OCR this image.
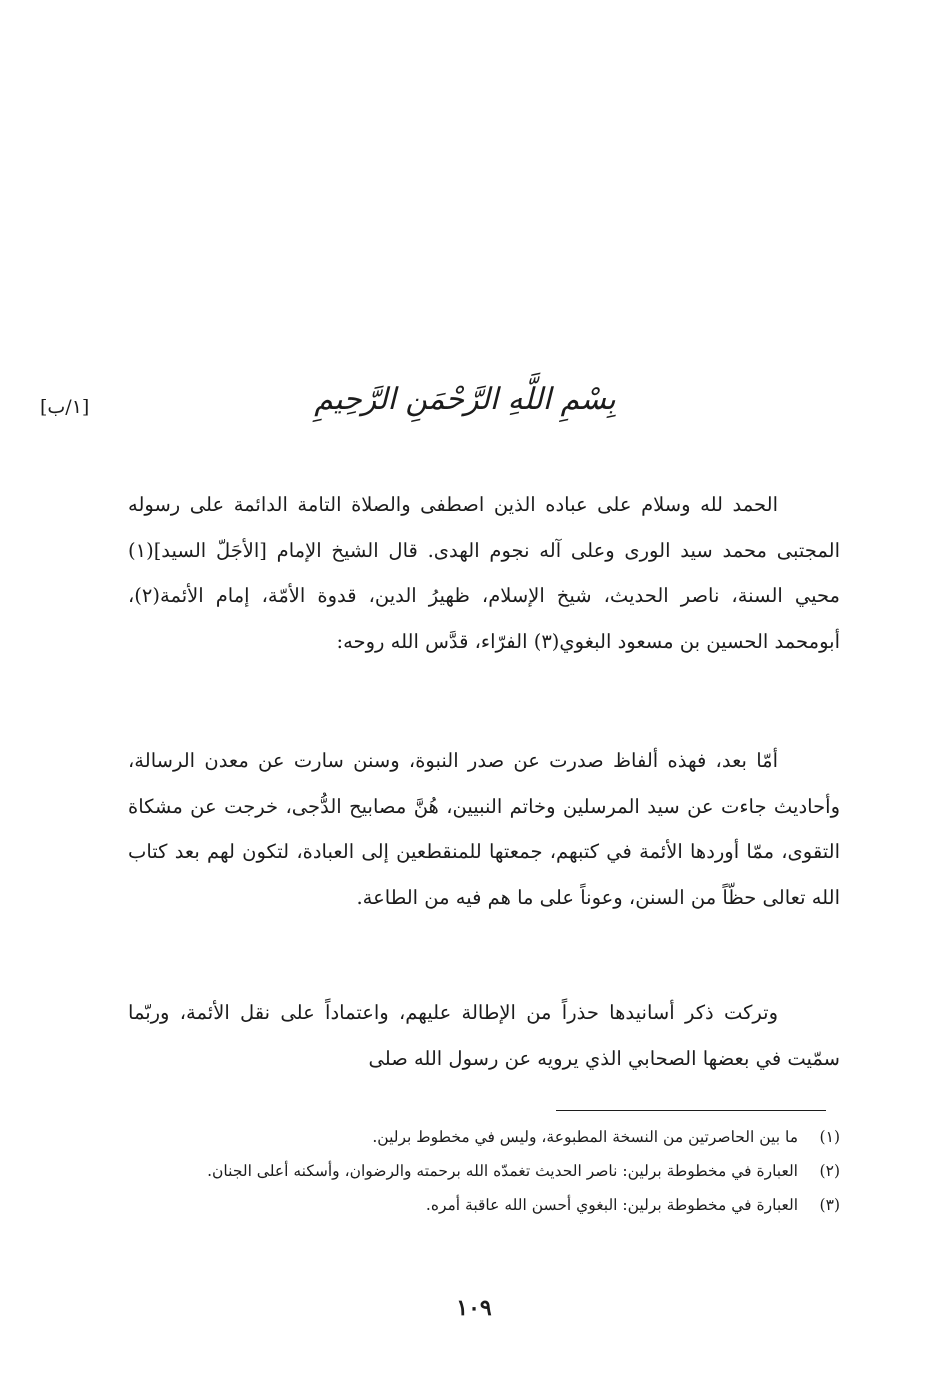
بِسْمِ اللَّهِ الرَّحْمَنِ الرَّحِيمِ
[١/ب]

الحمد لله وسلام على عباده الذين اصطفى والصلاة التامة الدائمة على رسوله المجتبى محمد سيد الورى وعلى آله نجوم الهدى. قال الشيخ الإمام [الأجَلّ السيد](١) محيي السنة، ناصر الحديث، شيخ الإسلام، ظهيرُ الدين، قدوة الأمّة، إمام الأئمة(٢)، أبومحمد الحسين بن مسعود البغوي(٣) الفرّاء، قدَّس الله روحه:

أمّا بعد، فهذه ألفاظ صدرت عن صدر النبوة، وسنن سارت عن معدن الرسالة، وأحاديث جاءت عن سيد المرسلين وخاتم النبيين، هُنَّ مصابيح الدُّجى، خرجت عن مشكاة التقوى، ممّا أوردها الأئمة في كتبهم، جمعتها للمنقطعين إلى العبادة، لتكون لهم بعد كتاب الله تعالى حظّاً من السنن، وعوناً على ما هم فيه من الطاعة.

وتركت ذكر أسانيدها حذراً من الإطالة عليهم، واعتماداً على نقل الأئمة، وربّما سمّيت في بعضها الصحابي الذي يرويه عن رسول الله صلى

(١)
ما بين الحاصرتين من النسخة المطبوعة، وليس في مخطوط برلين.
(٢)
العبارة في مخطوطة برلين: ناصر الحديث تغمدّه الله برحمته والرضوان، وأسكنه أعلى الجنان.
(٣)
العبارة في مخطوطة برلين: البغوي أحسن الله عاقبة أمره.
١٠٩
